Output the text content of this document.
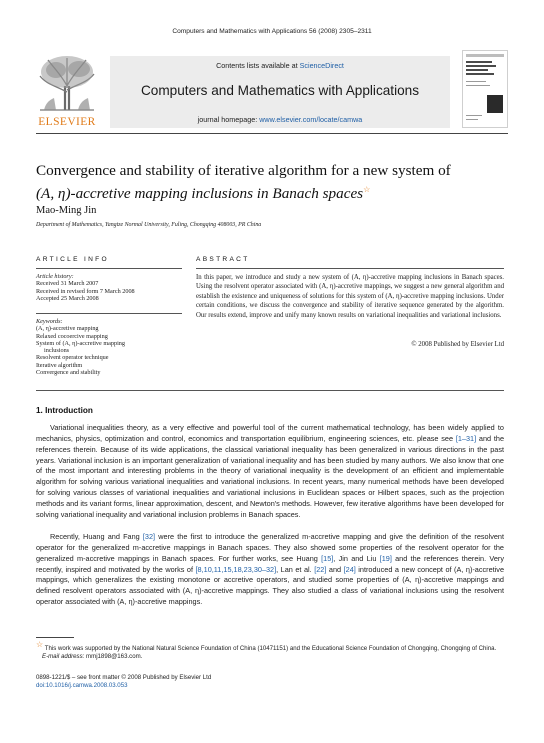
Computers and Mathematics with Applications 56 (2008) 2305–2311
ELSEVIER
Contents lists available at ScienceDirect
Computers and Mathematics with Applications
journal homepage: www.elsevier.com/locate/camwa
Convergence and stability of iterative algorithm for a new system of
(A, η)-accretive mapping inclusions in Banach spaces☆
Mao-Ming Jin
Department of Mathematics, Yangtze Normal University, Fuling, Chongqing 408003, PR China
ARTICLE INFO
Article history:
Received 31 March 2007
Received in revised form 7 March 2008
Accepted 25 March 2008
Keywords:
(A, η)-accretive mapping
Relaxed cocoercive mapping
System of (A, η)-accretive mapping
inclusions
Resolvent operator technique
Iterative algorithm
Convergence and stability
ABSTRACT
In this paper, we introduce and study a new system of (A, η)-accretive mapping inclusions in Banach spaces. Using the resolvent operator associated with (A, η)-accretive mappings, we suggest a new general algorithm and establish the existence and uniqueness of solutions for this system of (A, η)-accretive mapping inclusions. Under certain conditions, we discuss the convergence and stability of iterative sequence generated by the algorithm. Our results extend, improve and unify many known results on variational inequalities and variational inclusions.
© 2008 Published by Elsevier Ltd
1. Introduction
Variational inequalities theory, as a very effective and powerful tool of the current mathematical technology, has been widely applied to mechanics, physics, optimization and control, economics and transportation equilibrium, engineering sciences, etc. please see [1–31] and the references therein. Because of its wide applications, the classical variational inequality has been generalized in various directions in the past years. Variational inclusion is an important generalization of variational inequality and has been studied by many authors. We also know that one of the most important and interesting problems in the theory of variational inequality is the development of an efficient and implementable algorithm for solving various variational inequalities and variational inclusions. In recent years, many numerical methods have been developed for solving various classes of variational inequalities and variational inclusions in Euclidean spaces or Hilbert spaces, such as the projection methods and its variant forms, linear approximation, descent, and Newton's methods. However, few iterative algorithms have been developed for solving variational inequality and variational inclusion problems in Banach spaces.
Recently, Huang and Fang [32] were the first to introduce the generalized m-accretive mapping and give the definition of the resolvent operator for the generalized m-accretive mappings in Banach spaces. They also showed some properties of the resolvent operator for the generalized m-accretive mappings in Banach spaces. For further works, see Huang [15], Jin and Liu [19] and the references therein. Very recently, inspired and motivated by the works of [8,10,11,15,18,23,30–32], Lan et al. [22] and [24] introduced a new concept of (A, η)-accretive mappings, which generalizes the existing monotone or accretive operators, and studied some properties of (A, η)-accretive mappings and defined resolvent operators associated with (A, η)-accretive mappings. They also studied a class of variational inclusions using the resolvent operator associated with (A, η)-accretive mappings.
☆ This work was supported by the National Natural Science Foundation of China (10471151) and the Educational Science Foundation of Chongqing, Chongqing of China.
E-mail address: mmj1898@163.com.
0898-1221/$ – see front matter © 2008 Published by Elsevier Ltd
doi:10.1016/j.camwa.2008.03.053
